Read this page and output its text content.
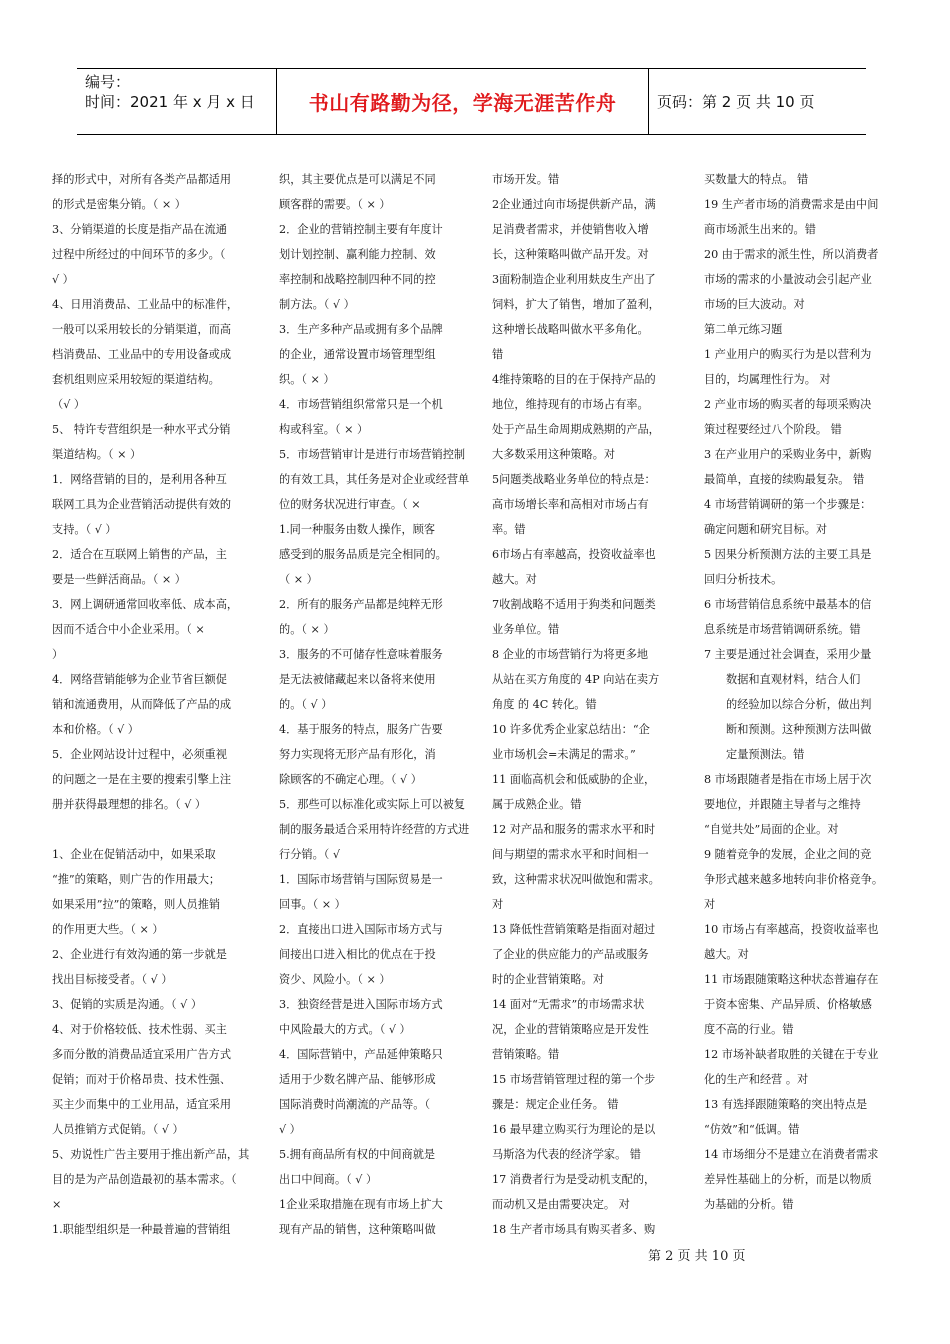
编号：
时间：2021 年 x 月 x 日	书山有路勤为径，学海无涯苦作舟	页码：第 2 页 共 10 页
择的形式中，对所有各类产品都适用
的形式是密集分销。（ × ）
3、分销渠道的长度是指产品在流通
过程中所经过的中间环节的多少。（
√ ）
4、日用消费品、工业品中的标准件，
一般可以采用较长的分销渠道，而高
档消费品、工业品中的专用设备或成
套机组则应采用较短的渠道结构。
（√ ）
5、 特许专营组织是一种水平式分销
渠道结构。（ × ）
1．网络营销的目的，是利用各种互
联网工具为企业营销活动提供有效的
支持。（ √ ）
2．适合在互联网上销售的产品，主
要是一些鲜活商品。（ × ）
3．网上调研通常回收率低、成本高，
因而不适合中小企业采用。（ ×
）
4．网络营销能够为企业节省巨额促
销和流通费用，从而降低了产品的成
本和价格。（ √ ）
5．企业网站设计过程中，必须重视
的问题之一是在主要的搜索引擎上注
册并获得最理想的排名。（ √ ）
1、企业在促销活动中，如果采取
“推”的策略，则广告的作用最大；
如果采用”拉”的策略，则人员推销
的作用更大些。（ × ）
2、企业进行有效沟通的第一步就是
找出目标接受者。（ √ ）
3、促销的实质是沟通。（ √ ）
4、对于价格较低、技术性弱、买主
多而分散的消费品适宜采用广告方式
促销；而对于价格昂贵、技术性强、
买主少而集中的工业用品，适宜采用
人员推销方式促销。（ √ ）
5、劝说性广告主要用于推出新产品，其
目的是为产品创造最初的基本需求。（
×
1.职能型组织是一种最普遍的营销组
织，其主要优点是可以满足不同
顾客群的需要。（ × ）
2．企业的营销控制主要有年度计
划计划控制、赢利能力控制、效
率控制和战略控制四种不同的控
制方法。（ √ ）
3．生产多种产品或拥有多个品牌
的企业，通常设置市场管理型组
织。（ × ）
4．市场营销组织常常只是一个机
构或科室。（ × ）
5．市场营销审计是进行市场营销控制
的有效工具，其任务是对企业或经营单
位的财务状况进行审查。（ ×
1.同一种服务由数人操作，顾客
感受到的服务品质是完全相同的。
（ × ）
2．所有的服务产品都是纯粹无形
的。（ × ）
3．服务的不可储存性意味着服务
是无法被储藏起来以备将来使用
的。（ √ ）
4．基于服务的特点，服务广告要
努力实现将无形产品有形化，消
除顾客的不确定心理。（ √ ）
5．那些可以标准化或实际上可以被复
制的服务最适合采用特许经营的方式进
行分销。（ √
1．国际市场营销与国际贸易是一
回事。（ × ）
2．直接出口进入国际市场方式与
间接出口进入相比的优点在于投
资少、风险小。（ × ）
3．独资经营是进入国际市场方式
中风险最大的方式。（ √ ）
4．国际营销中，产品延伸策略只
适用于少数名牌产品、能够形成
国际消费时尚潮流的产品等。（
√ ）
5.拥有商品所有权的中间商就是
出口中间商。（ √ ）
1企业采取措施在现有市场上扩大
现有产品的销售，这种策略叫做
市场开发。错
2企业通过向市场提供新产品，满
足消费者需求，并使销售收入增
长，这种策略叫做产品开发。对
3面粉制造企业利用麸皮生产出了
饲料，扩大了销售，增加了盈利，
这种增长战略叫做水平多角化。
错
4维持策略的目的在于保持产品的
地位，维持现有的市场占有率。
处于产品生命周期成熟期的产品，
大多数采用这种策略。对
5问题类战略业务单位的特点是：
高市场增长率和高相对市场占有
率。错
6市场占有率越高，投资收益率也
越大。对
7收割战略不适用于狗类和问题类
业务单位。错
8 企业的市场营销行为将更多地
从站在买方角度的 4P 向站在卖方
角度 的 4C 转化。错
10 许多优秀企业家总结出：“企
业市场机会=未满足的需求。”
11 面临高机会和低威胁的企业，
属于成熟企业。错
12 对产品和服务的需求水平和时
间与期望的需求水平和时间相一
致，这种需求状况叫做饱和需求。
对
13 降低性营销策略是指面对超过
了企业的供应能力的产品或服务
时的企业营销策略。对
14 面对“无需求”的市场需求状
况，企业的营销策略应是开发性
营销策略。错
15 市场营销管理过程的第一个步
骤是：规定企业任务。 错
16 最早建立购买行为理论的是以
马斯洛为代表的经济学家。 错
17 消费者行为是受动机支配的，
而动机又是由需要决定。 对
18 生产者市场具有购买者多、购
买数量大的特点。 错
19 生产者市场的消费需求是由中间
商市场派生出来的。错
20 由于需求的派生性，所以消费者
市场的需求的小量波动会引起产业
市场的巨大波动。对
第二单元练习题
1 产业用户的购买行为是以营利为
目的，均属理性行为。 对
2 产业市场的购买者的每项采购决
策过程要经过八个阶段。 错
3 在产业用户的采购业务中，新购
最简单，直接的续购最复杂。 错
4 市场营销调研的第一个步骤是：
确定问题和研究目标。对
5 因果分析预测方法的主要工具是
回归分析技术。
6 市场营销信息系统中最基本的信
息系统是市场营销调研系统。错
7 主要是通过社会调查，采用少量
数据和直观材料，结合人们
的经验加以综合分析，做出判
断和预测。这种预测方法叫做
定量预测法。错
8 市场跟随者是指在市场上居于次
要地位，并跟随主导者与之维持
“自觉共处”局面的企业。对
9 随着竞争的发展，企业之间的竞
争形式越来越多地转向非价格竞争。
对
10 市场占有率越高，投资收益率也
越大。对
11 市场跟随策略这种状态普遍存在
于资本密集、产品异质、价格敏感
度不高的行业。错
12 市场补缺者取胜的关键在于专业
化的生产和经营 。对
13 有选择跟随策略的突出特点是
“仿效”和“低调。错
14 市场细分不是建立在消费者需求
差异性基础上的分析，而是以物质
为基础的分析。错
第 2 页 共 10 页
